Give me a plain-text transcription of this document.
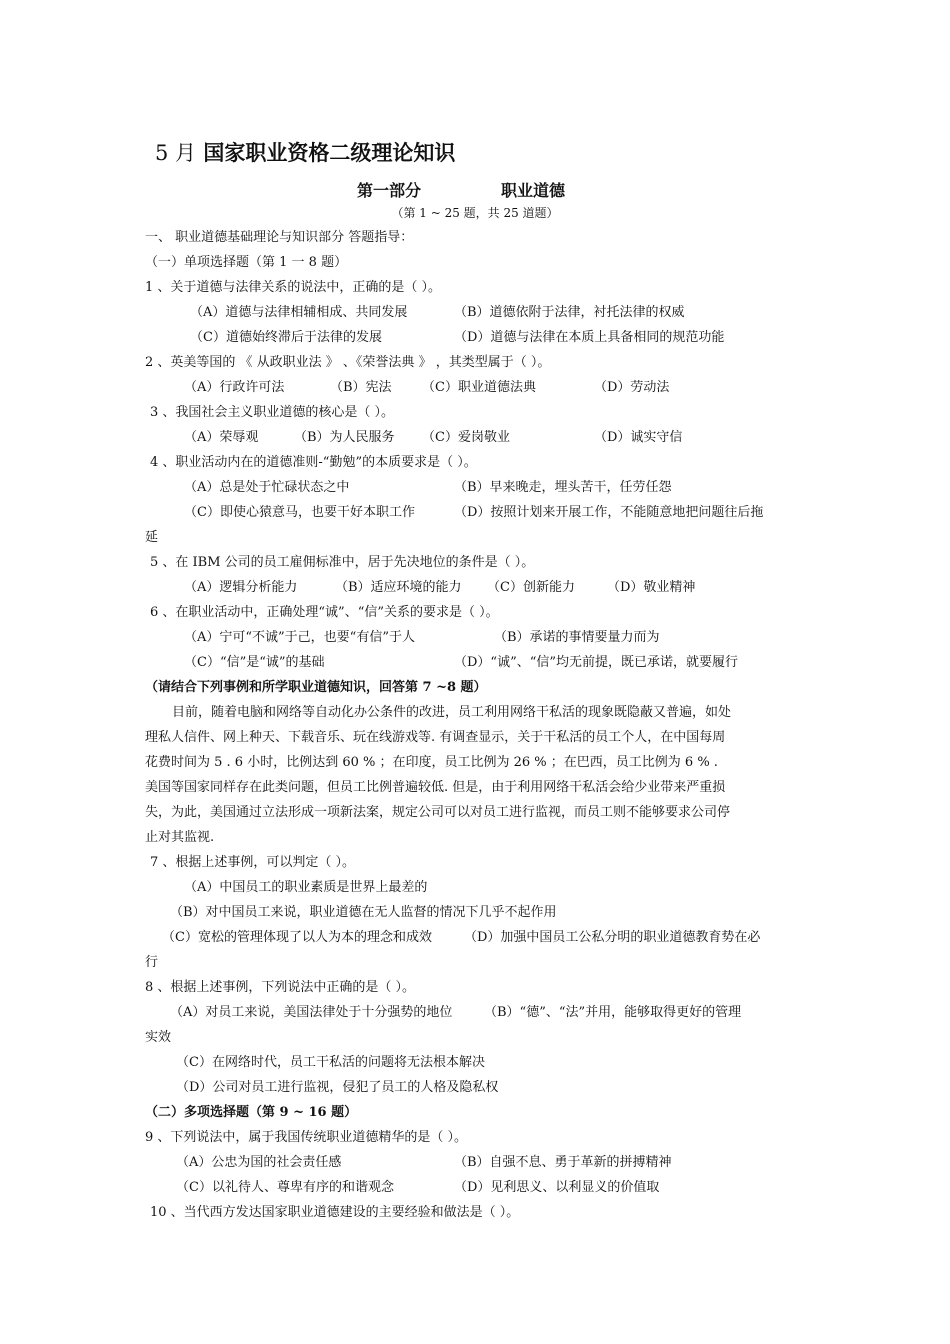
5 月 国家职业资格二级理论知识
第一部分	职业道德
（第 1 ~ 25 题，共 25 道题）
一、 职业道德基础理论与知识部分 答题指导：
（一）单项选择题（第 1 一 8 题）
1 、关于道德与法律关系的说法中，正确的是（ ）。
（A）道德与法律相辅相成、共同发展	（B）道德依附于法律，衬托法律的权威
（C）道德始终滞后于法律的发展	（D）道德与法律在本质上具备相同的规范功能
2 、英美等国的 《 从政职业法 》 、《荣誉法典 》 ，其类型属于（ ）。
（A）行政许可法	（B）宪法 （C）职业道德法典	（D）劳动法
3 、我国社会主义职业道德的核心是（ ）。
（A）荣辱观	（B）为人民服务 （C）爱岗敬业	（D）诚实守信
4 、职业活动内在的道德准则-“勤勉”的本质要求是（ ）。
（A）总是处于忙碌状态之中	（B）早来晚走，埋头苦干，任劳任怨
（C）即使心猿意马，也要干好本职工作	（D）按照计划来开展工作，不能随意地把问题往后拖
延
5 、在 IBM 公司的员工雇佣标准中，居于先决地位的条件是（ ）。
（A）逻辑分析能力	（B）适应环境的能力 （C）创新能力 （D）敬业精神
6 、在职业活动中，正确处理“诚”、“信”关系的要求是（ ）。
（A）宁可“不诚”于己，也要“有信”于人	（B）承诺的事情要量力而为
（C）“信”是“诚”的基础	（D）“诚”、“信”均无前提，既已承诺，就要履行
（请结合下列事例和所学职业道德知识，回答第 7 ~8 题）
目前，随着电脑和网络等自动化办公条件的改进，员工利用网络干私活的现象既隐蔽又普遍，如处
理私人信件、网上种天、下载音乐、玩在线游戏等. 有调查显示，关于干私活的员工个人，在中国每周
花费时间为 5 . 6 小时，比例达到 60 % ；在印度，员工比例为 26 % ；在巴西，员工比例为 6 % .
美国等国家同样存在此类问题，但员工比例普遍较低. 但是，由于利用网络干私活会给少业带来严重损
失，为此，美国通过立法形成一项新法案，规定公司可以对员工进行监视，而员工则不能够要求公司停
止对其监视.
7 、根据上述事例，可以判定（ ）。
（A）中国员工的职业素质是世界上最差的
（B）对中国员工来说，职业道德在无人监督的情况下几乎不起作用
（C）宽松的管理体现了以人为本的理念和成效 （D）加强中国员工公私分明的职业道德教育势在必
行
8 、根据上述事例，下列说法中正确的是（ ）。
（A）对员工来说，美国法律处于十分强势的地位 （B）“德”、“法”并用，能够取得更好的管理
实效
（C）在网络时代，员工干私活的问题将无法根本解决
（D）公司对员工进行监视，侵犯了员工的人格及隐私权
（二）多项选择题（第 9 ~ 16 题）
9 、下列说法中，属于我国传统职业道德精华的是（ ）。
（A）公忠为国的社会责任感	（B）自强不息、勇于革新的拼搏精神
（C）以礼待人、尊卑有序的和谐观念	（D）见利思义、以利显义的价值取
10 、当代西方发达国家职业道德建设的主要经验和做法是（ ）。
